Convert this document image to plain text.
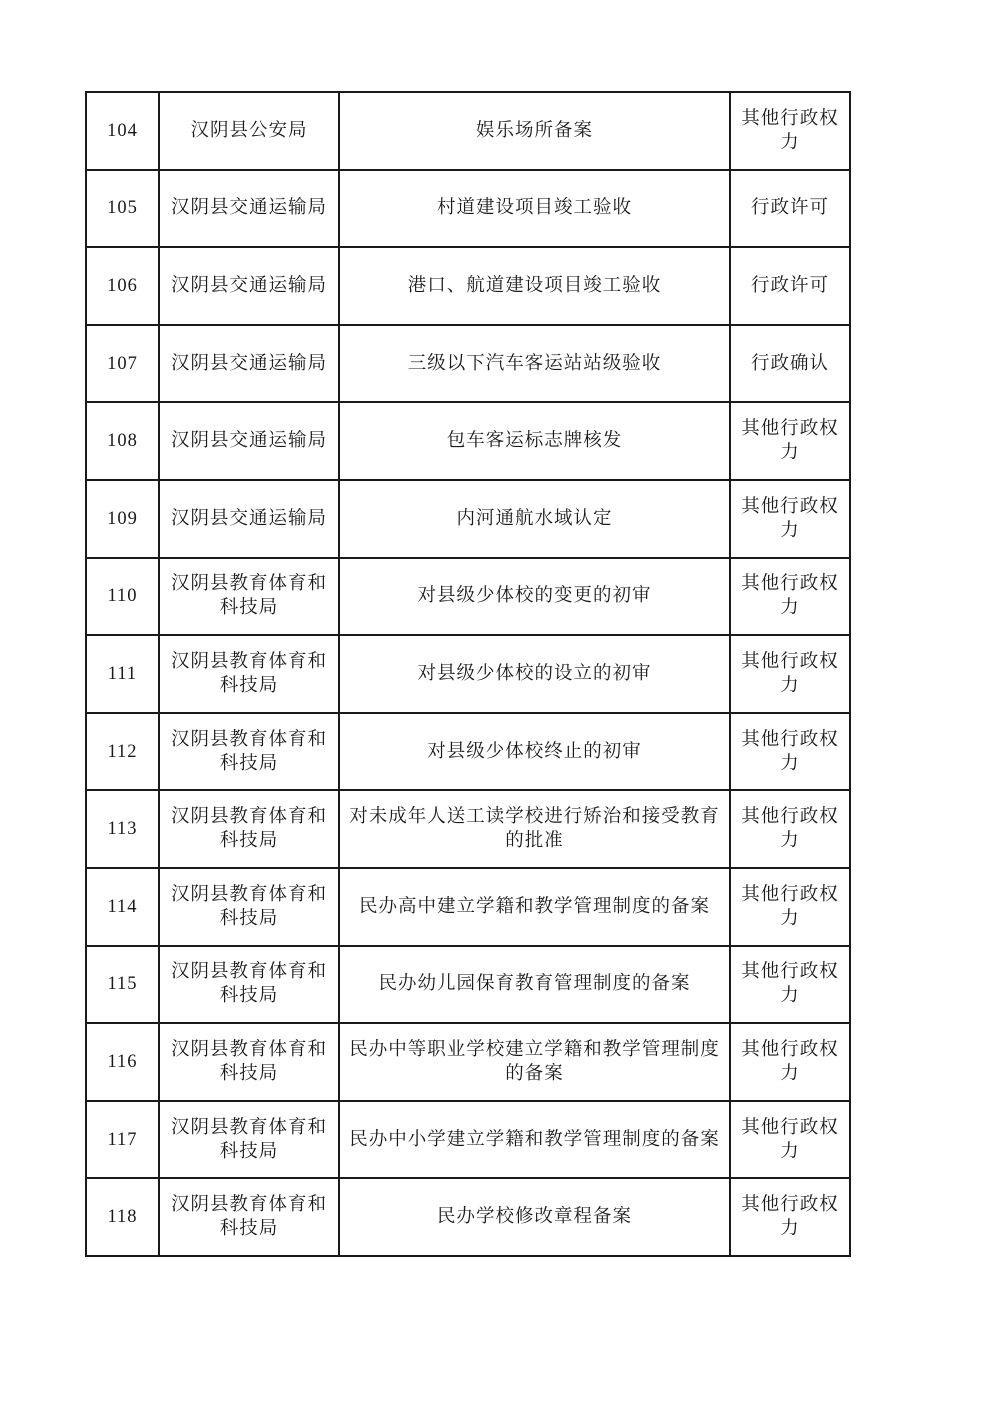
104	汉阴县公安局	娱乐场所备案	其他行政权力
105	汉阴县交通运输局	村道建设项目竣工验收	行政许可
106	汉阴县交通运输局	港口、航道建设项目竣工验收	行政许可
107	汉阴县交通运输局	三级以下汽车客运站站级验收	行政确认
108	汉阴县交通运输局	包车客运标志牌核发	其他行政权力
109	汉阴县交通运输局	内河通航水域认定	其他行政权力
110	汉阴县教育体育和科技局	对县级少体校的变更的初审	其他行政权力
111	汉阴县教育体育和科技局	对县级少体校的设立的初审	其他行政权力
112	汉阴县教育体育和科技局	对县级少体校终止的初审	其他行政权力
113	汉阴县教育体育和科技局	对未成年人送工读学校进行矫治和接受教育的批准	其他行政权力
114	汉阴县教育体育和科技局	民办高中建立学籍和教学管理制度的备案	其他行政权力
115	汉阴县教育体育和科技局	民办幼儿园保育教育管理制度的备案	其他行政权力
116	汉阴县教育体育和科技局	民办中等职业学校建立学籍和教学管理制度的备案	其他行政权力
117	汉阴县教育体育和科技局	民办中小学建立学籍和教学管理制度的备案	其他行政权力
118	汉阴县教育体育和科技局	民办学校修改章程备案	其他行政权力
